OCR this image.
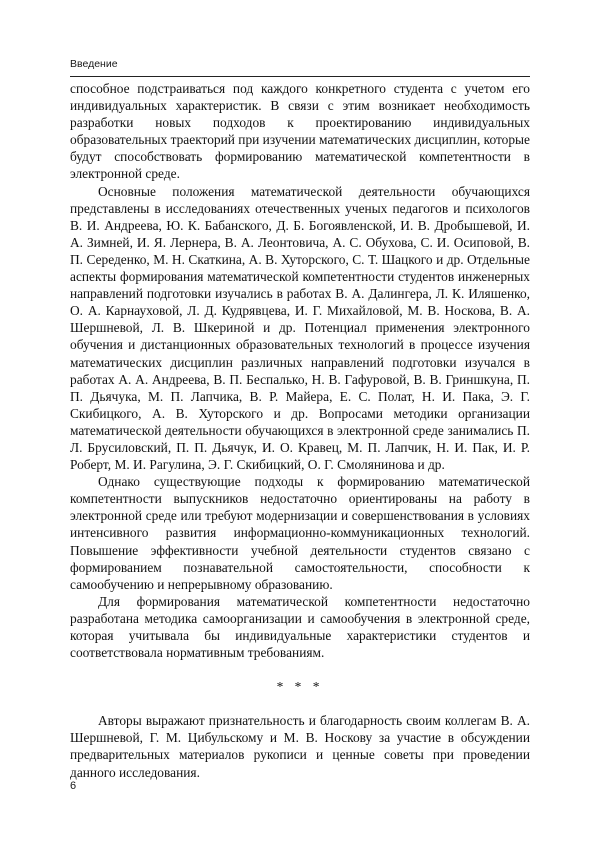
Введение

способное подстраиваться под каждого конкретного студента с учетом его индивидуальных характеристик. В связи с этим возникает необходимость разработки новых подходов к проектированию индивидуальных образовательных траекторий при изучении математических дисциплин, которые будут способствовать формированию математической компетентности в электронной среде.

Основные положения математической деятельности обучающихся представлены в исследованиях отечественных ученых педагогов и психологов В. И. Андреева, Ю. К. Бабанского, Д. Б. Богоявленской, И. В. Дробышевой, И. А. Зимней, И. Я. Лернера, В. А. Леонтовича, А. С. Обухова, С. И. Осиповой, В. П. Середенко, М. Н. Скаткина, А. В. Хуторского, С. Т. Шацкого и др. Отдельные аспекты формирования математической компетентности студентов инженерных направлений подготовки изучались в работах В. А. Далингера, Л. К. Иляшенко, О. А. Карнауховой, Л. Д. Кудрявцева, И. Г. Михайловой, М. В. Носкова, В. А. Шершневой, Л. В. Шкериной и др. Потенциал применения электронного обучения и дистанционных образовательных технологий в процессе изучения математических дисциплин различных направлений подготовки изучался в работах А. А. Андреева, В. П. Беспалько, Н. В. Гафуровой, В. В. Гриншкуна, П. П. Дьячука, М. П. Лапчика, В. Р. Майера, Е. С. Полат, Н. И. Пака, Э. Г. Скибицкого, А. В. Хуторского и др. Вопросами методики организации математической деятельности обучающихся в электронной среде занимались П. Л. Брусиловский, П. П. Дьячук, И. О. Кравец, М. П. Лапчик, Н. И. Пак, И. Р. Роберт, М. И. Рагулина, Э. Г. Скибицкий, О. Г. Смолянинова и др.

Однако существующие подходы к формированию математической компетентности выпускников недостаточно ориентированы на работу в электронной среде или требуют модернизации и совершенствования в условиях интенсивного развития информационно-коммуникационных технологий. Повышение эффективности учебной деятельности студентов связано с формированием познавательной самостоятельности, способности к самообучению и непрерывному образованию.

Для формирования математической компетентности недостаточно разработана методика самоорганизации и самообучения в электронной среде, которая учитывала бы индивидуальные характеристики студентов и соответствовала нормативным требованиям.

* * *

Авторы выражают признательность и благодарность своим коллегам В. А. Шершневой, Г. М. Цибульскому и М. В. Носкову за участие в обсуждении предварительных материалов рукописи и ценные советы при проведении данного исследования.

6
